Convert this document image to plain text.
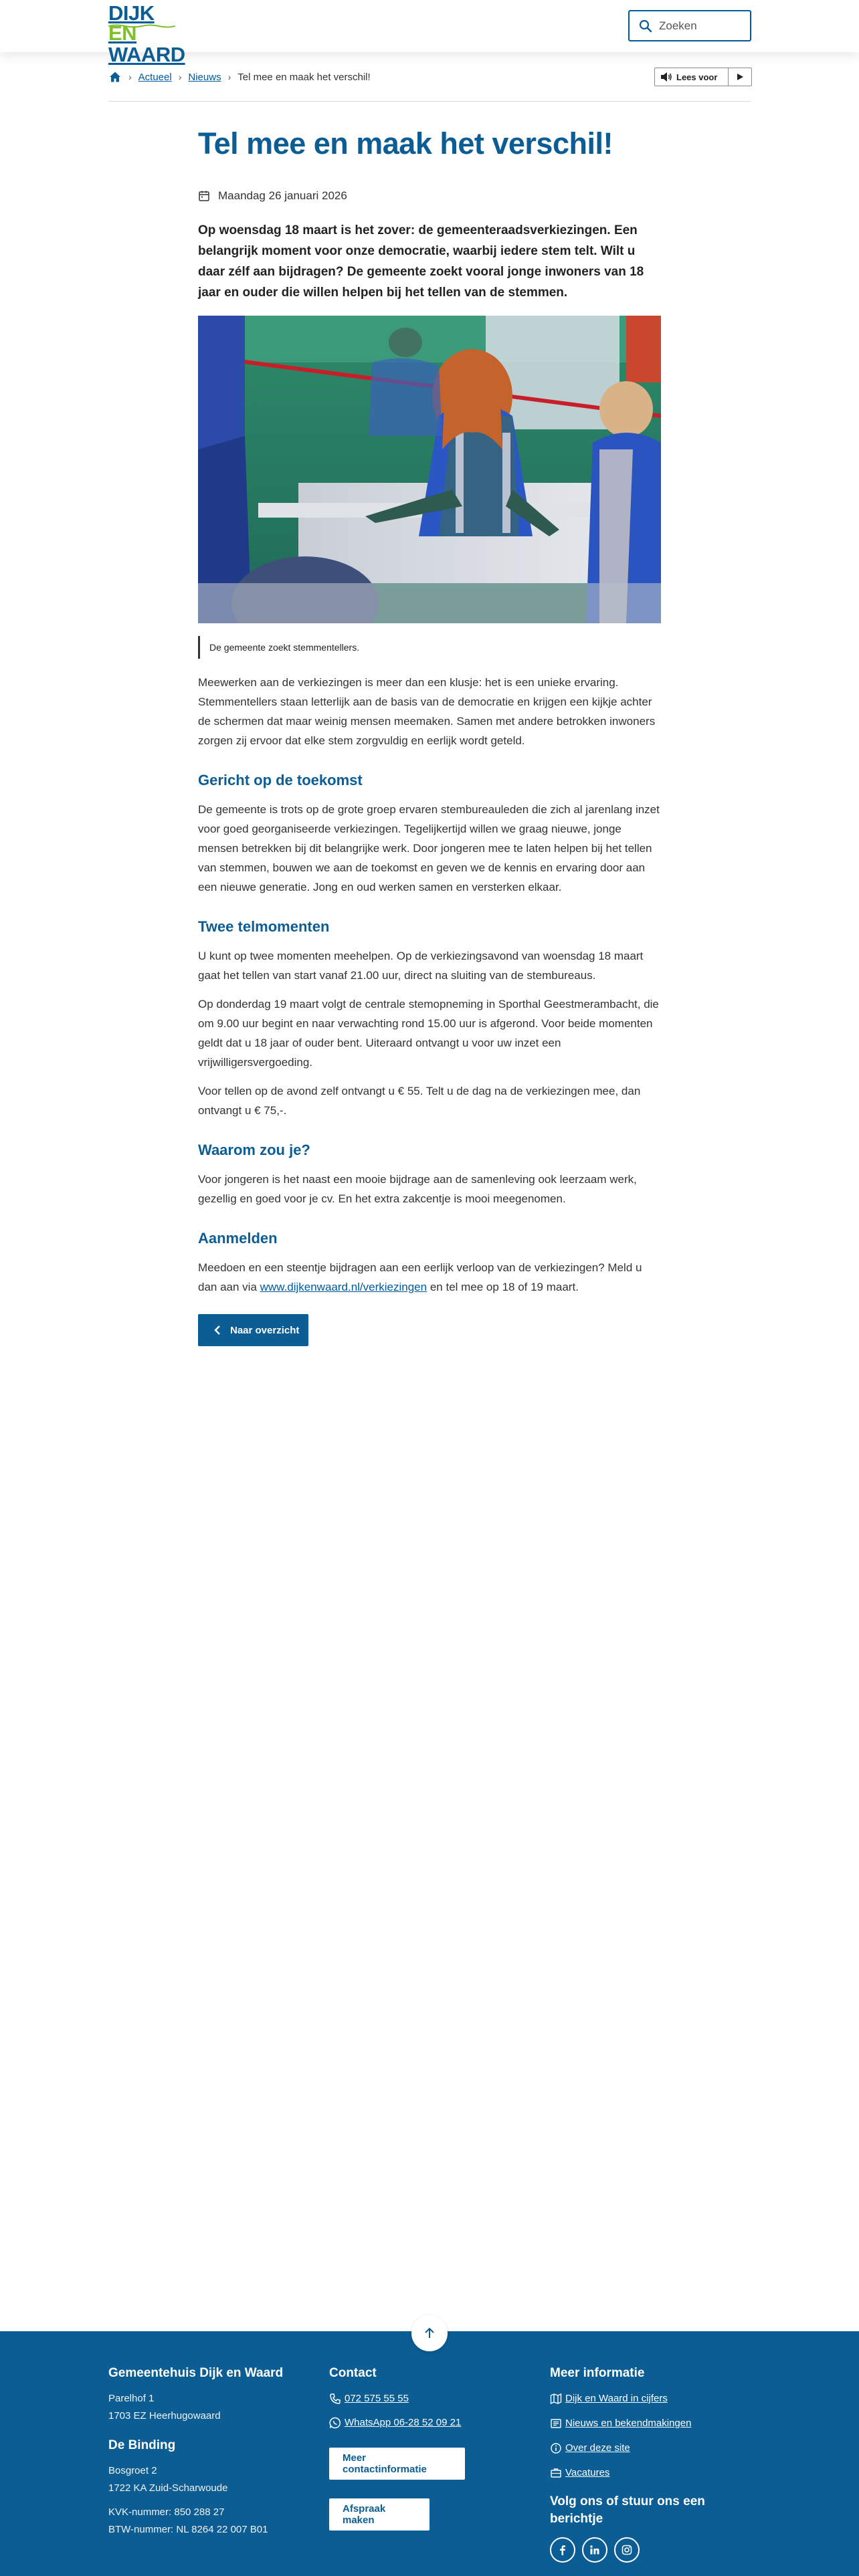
DIJK EN
WAARD
Zoeken
› Actueel › Nieuws › Tel mee en maak het verschil!	Lees voor
Tel mee en maak het verschil!
Maandag 26 januari 2026

Op woensdag 18 maart is het zover: de gemeenteraadsverkiezingen. Een belangrijk moment voor onze democratie, waarbij iedere stem telt. Wilt u daar zélf aan bijdragen? De gemeente zoekt vooral jonge inwoners van 18 jaar en ouder die willen helpen bij het tellen van de stemmen.

De gemeente zoekt stemmentellers.

Meewerken aan de verkiezingen is meer dan een klusje: het is een unieke ervaring. Stemmentellers staan letterlijk aan de basis van de democratie en krijgen een kijkje achter de schermen dat maar weinig mensen meemaken. Samen met andere betrokken inwoners zorgen zij ervoor dat elke stem zorgvuldig en eerlijk wordt geteld.

Gericht op de toekomst

De gemeente is trots op de grote groep ervaren stembureauleden die zich al jarenlang inzet voor goed georganiseerde verkiezingen. Tegelijkertijd willen we graag nieuwe, jonge mensen betrekken bij dit belangrijke werk. Door jongeren mee te laten helpen bij het tellen van stemmen, bouwen we aan de toekomst en geven we de kennis en ervaring door aan een nieuwe generatie. Jong en oud werken samen en versterken elkaar.

Twee telmomenten

U kunt op twee momenten meehelpen. Op de verkiezingsavond van woensdag 18 maart gaat het tellen van start vanaf 21.00 uur, direct na sluiting van de stembureaus.

Op donderdag 19 maart volgt de centrale stemopneming in Sporthal Geestmerambacht, die om 9.00 uur begint en naar verwachting rond 15.00 uur is afgerond. Voor beide momenten geldt dat u 18 jaar of ouder bent. Uiteraard ontvangt u voor uw inzet een vrijwilligersvergoeding.

Voor tellen op de avond zelf ontvangt u € 55. Telt u de dag na de verkiezingen mee, dan ontvangt u € 75,-.

Waarom zou je?

Voor jongeren is het naast een mooie bijdrage aan de samenleving ook leerzaam werk, gezellig en goed voor je cv. En het extra zakcentje is mooi meegenomen.

Aanmelden

Meedoen en een steentje bijdragen aan een eerlijk verloop van de verkiezingen? Meld u dan aan via www.dijkenwaard.nl/verkiezingen en tel mee op 18 of 19 maart.

Naar overzicht
Gemeentehuis Dijk en Waard
Parelhof 1
1703 EZ Heerhugowaard
De Binding
Bosgroet 2
1722 KA Zuid-Scharwoude
KVK-nummer: 850 288 27
BTW-nummer: NL 8264 22 007 B01
Contact
072 575 55 55
WhatsApp 06-28 52 09 21
Meer contactinformatie
Afspraak maken
Meer informatie
Dijk en Waard in cijfers
Nieuws en bekendmakingen
Over deze site
Vacatures
Volg ons of stuur ons een berichtje
